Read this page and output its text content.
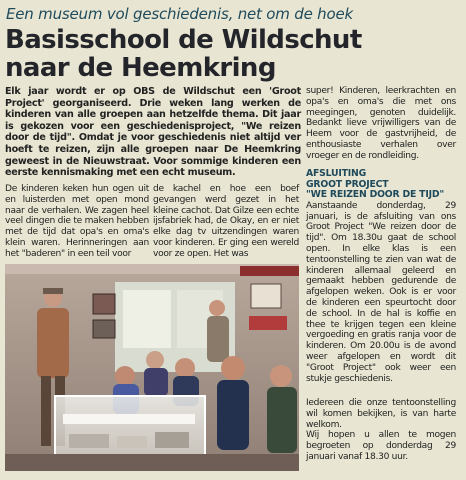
Een museum vol geschiedenis, net om de hoek
Basisschool de Wildschut
naar de Heemkring

Elk jaar wordt er op OBS de Wildschut een 'Groot Project' georganiseerd. Drie weken lang werken de kinderen van alle groepen aan hetzelfde thema. Dit jaar is gekozen voor een geschiedenisproject, "We reizen door de tijd". Omdat je voor geschiedenis niet altijd ver hoeft te reizen, zijn alle groepen naar De Heemkring geweest in de Nieuwstraat. Voor sommige kinderen een eerste kennismaking met een echt museum.

De kinderen keken hun ogen uit en luisterden met open mond naar de verhalen. We zagen heel veel dingen die te maken hebben met de tijd dat opa's en oma's klein waren. Herinneringen aan het "baderen" in een teil voor

de kachel en hoe een boef gevangen werd gezet in het kleine cachot. Dat Gilze een echte ijsfabriek had, de Okay, en er niet elke dag tv uitzendingen waren voor kinderen. Er ging een wereld voor ze open. Het was

super! Kinderen, leerkrachten en opa's en oma's die met ons meegingen, genoten duidelijk. Bedankt lieve vrijwilligers van de Heem voor de gastvrijheid, de enthousiaste verhalen over vroeger en de rondleiding.

AFSLUITING
GROOT PROJECT
"WE REIZEN DOOR DE TIJD"

Aanstaande donderdag, 29 januari, is de afsluiting van ons Groot Project "We reizen door de tijd". Om 18.30u gaat de school open. In elke klas is een tentoonstelling te zien van wat de kinderen allemaal geleerd en gemaakt hebben gedurende de afgelopen weken. Ook is er voor de kinderen een speurtocht door de school. In de hal is koffie en thee te krijgen tegen een kleine vergoeding en gratis ranja voor de kinderen. Om 20.00u is de avond weer afgelopen en wordt dit "Groot Project" ook weer een stukje geschiedenis.

Iedereen die onze tentoonstelling wil komen bekijken, is van harte welkom.

Wij hopen u allen te mogen begroeten op donderdag 29 januari vanaf 18.30 uur.
